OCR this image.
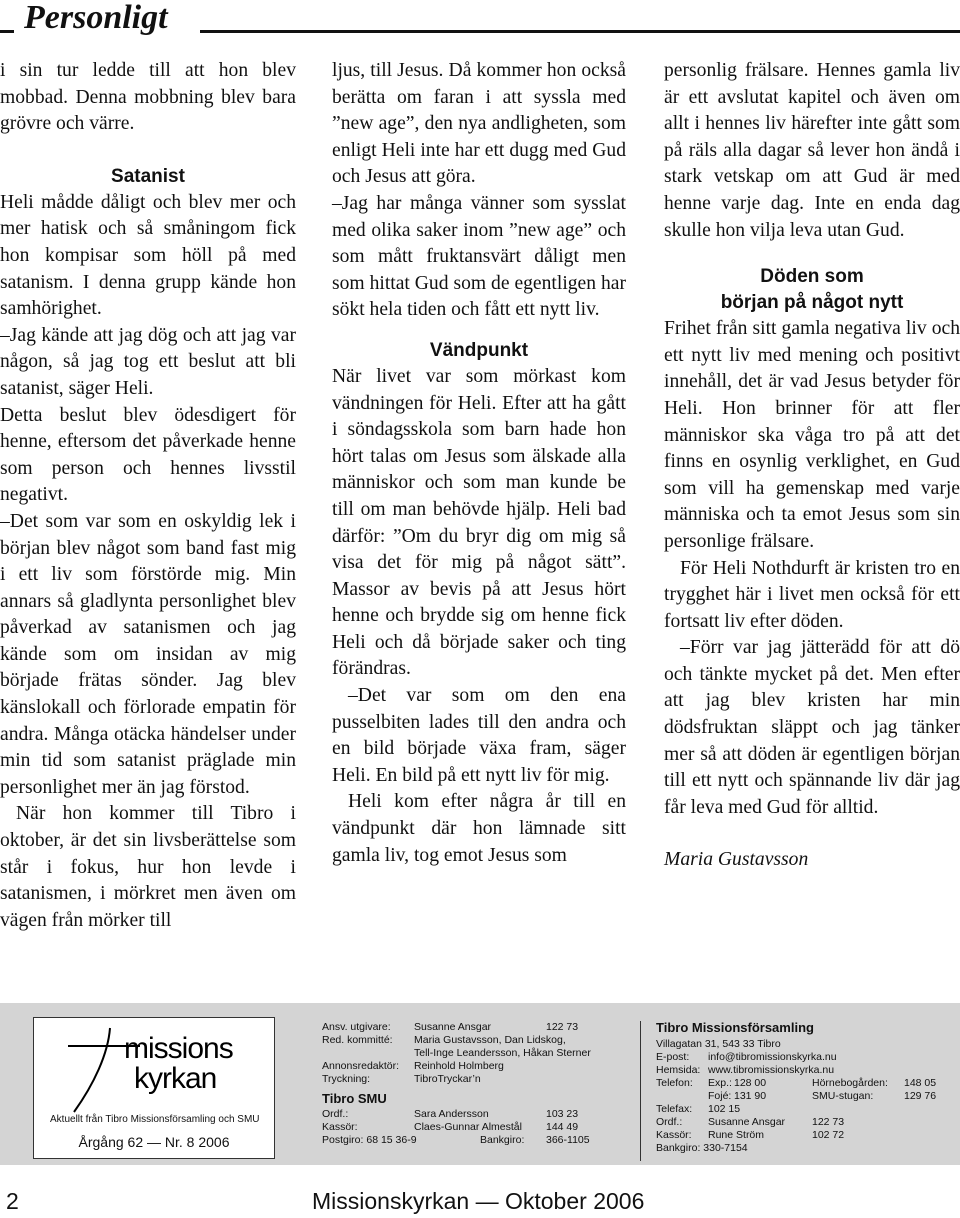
Personligt

i sin tur ledde till att hon blev mobbad. Denna mobbning blev bara grövre och värre.

Satanist

Heli mådde dåligt och blev mer och mer hatisk och så småningom fick hon kompisar som höll på med satanism. I denna grupp kände hon samhörighet.

–Jag kände att jag dög och att jag var någon, så jag tog ett beslut att bli satanist, säger Heli.

Detta beslut blev ödesdigert för henne, eftersom det påverkade henne som person och hennes livsstil negativt.

–Det som var som en oskyldig lek i början blev något som band fast mig i ett liv som förstörde mig. Min annars så gladlynta personlighet blev påverkad av satanismen och jag kände som om insidan av mig började frätas sönder. Jag blev känslokall och förlorade empatin för andra. Många otäcka händelser under min tid som satanist präglade min personlighet mer än jag förstod.

När hon kommer till Tibro i oktober, är det sin livsberättelse som står i fokus, hur hon levde i satanismen, i mörkret men även om vägen från mörker till

ljus, till Jesus. Då kommer hon också berätta om faran i att syssla med ”new age”, den nya andligheten, som enligt Heli inte har ett dugg med Gud och Jesus att göra.

–Jag har många vänner som sysslat med olika saker inom ”new age” och som mått fruktansvärt dåligt men som hittat Gud som de egentligen har sökt hela tiden och fått ett nytt liv.

Vändpunkt

När livet var som mörkast kom vändningen för Heli. Efter att ha gått i söndagsskola som barn hade hon hört talas om Jesus som älskade alla människor och som man kunde be till om man behövde hjälp. Heli bad därför: ”Om du bryr dig om mig så visa det för mig på något sätt”. Massor av bevis på att Jesus hört henne och brydde sig om henne fick Heli och då började saker och ting förändras.

–Det var som om den ena pusselbiten lades till den andra och en bild började växa fram, säger Heli. En bild på ett nytt liv för mig.

Heli kom efter några år till en vändpunkt där hon lämnade sitt gamla liv, tog emot Jesus som

personlig frälsare. Hennes gamla liv är ett avslutat kapitel och även om allt i hennes liv härefter inte gått som på räls alla dagar så lever hon ändå i stark vetskap om att Gud är med henne varje dag. Inte en enda dag skulle hon vilja leva utan Gud.

Döden som
början på något nytt

Frihet från sitt gamla negativa liv och ett nytt liv med mening och positivt innehåll, det är vad Jesus betyder för Heli. Hon brinner för att fler människor ska våga tro på att det finns en osynlig verklighet, en Gud som vill ha gemenskap med varje människa och ta emot Jesus som sin personlige frälsare.

För Heli Nothdurft är kristen tro en trygghet här i livet men också för ett fortsatt liv efter döden.

–Förr var jag jätterädd för att dö och tänkte mycket på det. Men efter att jag blev kristen har min dödsfruktan släppt och jag tänker mer så att döden är egentligen början till ett nytt och spännande liv där jag får leva med Gud för alltid.

Maria Gustavsson

missions
kyrkan
Aktuellt från Tibro Missionsförsamling och SMU
Årgång 62 — Nr. 8 2006
Ansv. utgivare: Susanne Ansgar	122 73
Red. kommitté: Maria Gustavsson, Dan Lidskog,
Tell-Inge Leandersson, Håkan Sterner
Annonsredaktör: Reinhold Holmberg
Tryckning:	TibroTryckar’n
Tibro SMU
Ordf.:	Sara Andersson	103 23
Kassör:	Claes-Gunnar Almestål 144 49
Postgiro: 68 15 36-9	Bankgiro: 366-1105
Tibro Missionsförsamling
Villagatan 31, 543 33 Tibro
E-post: info@tibromissionskyrka.nu
Hemsida: www.tibromissionskyrka.nu
Telefon: Exp.: 128 00	Hörnebogården: 148 05
Fojé: 131 90	SMU-stugan:	129 76
Telefax: 102 15
Ordf.: Susanne Ansgar	122 73
Kassör: Rune Ström	102 72
Bankgiro: 330-7154
2	Missionskyrkan — Oktober 2006
